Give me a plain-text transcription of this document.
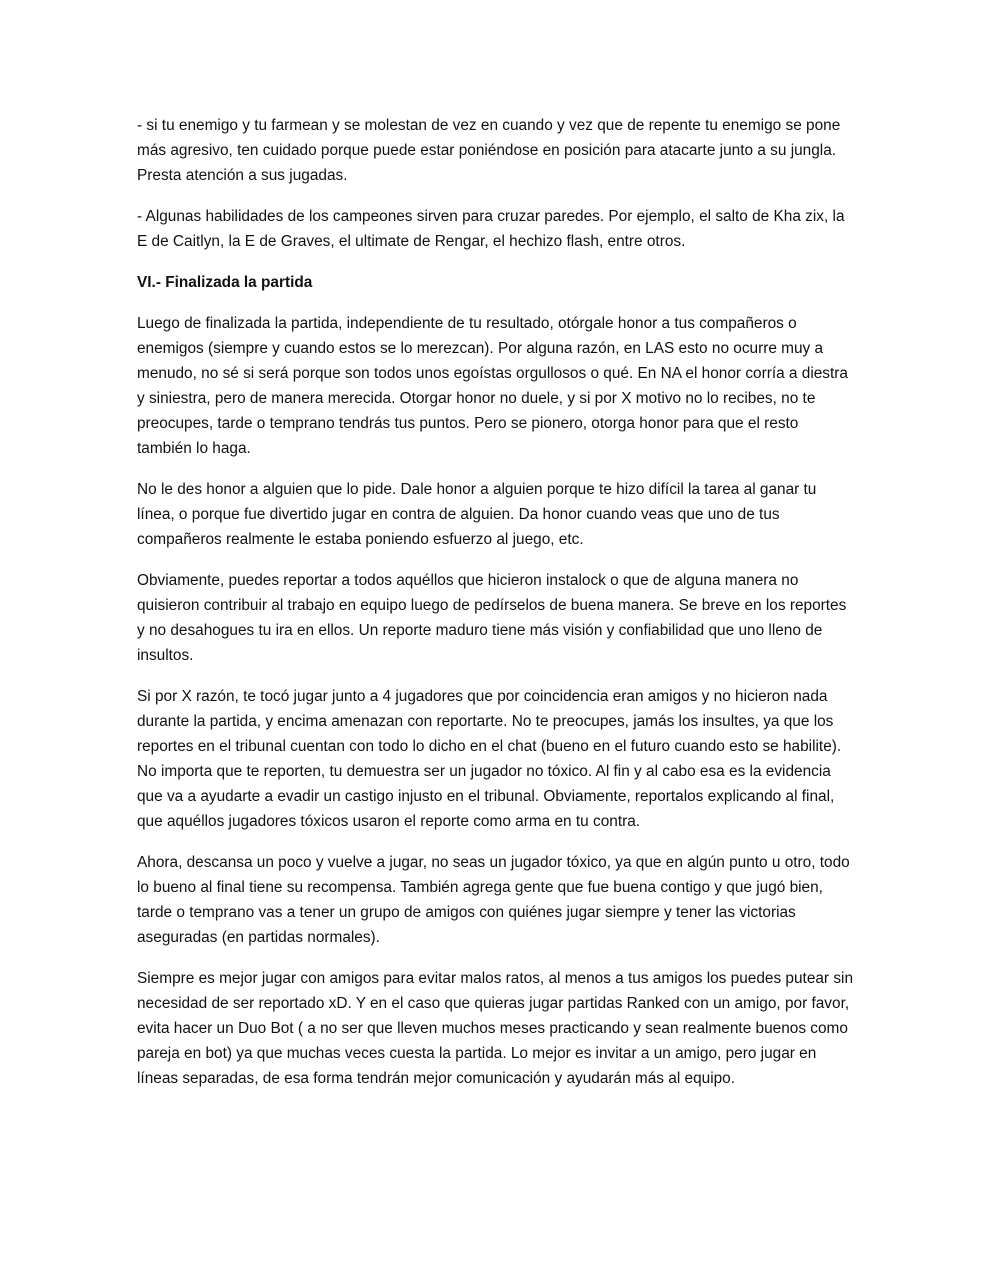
- si tu enemigo y tu farmean y se molestan de vez en cuando y vez que de repente tu enemigo se pone más agresivo, ten cuidado porque puede estar poniéndose en posición para atacarte junto a su jungla. Presta atención a sus jugadas.

- Algunas habilidades de los campeones sirven para cruzar paredes. Por ejemplo, el salto de Kha zix, la E de Caitlyn, la E de Graves, el ultimate de Rengar, el hechizo flash, entre otros.

VI.- Finalizada la partida

Luego de finalizada la partida, independiente de tu resultado, otórgale honor a tus compañeros o enemigos (siempre y cuando estos se lo merezcan). Por alguna razón, en LAS esto no ocurre muy a menudo, no sé si será porque son todos unos egoístas orgullosos o qué. En NA el honor corría a diestra y siniestra, pero de manera merecida. Otorgar honor no duele, y si por X motivo no lo recibes, no te preocupes, tarde o temprano tendrás tus puntos. Pero se pionero, otorga honor para que el resto también lo haga.

No le des honor a alguien que lo pide. Dale honor a alguien porque te hizo difícil la tarea al ganar tu línea, o porque fue divertido jugar en contra de alguien. Da honor cuando veas que uno de tus compañeros realmente le estaba poniendo esfuerzo al juego, etc.

Obviamente, puedes reportar a todos aquéllos que hicieron instalock o que de alguna manera no quisieron contribuir al trabajo en equipo luego de pedírselos de buena manera. Se breve en los reportes y no desahogues tu ira en ellos. Un reporte maduro tiene más visión y confiabilidad que uno lleno de insultos.

Si por X razón, te tocó jugar junto a 4 jugadores que por coincidencia eran amigos y no hicieron nada durante la partida, y encima amenazan con reportarte. No te preocupes, jamás los insultes, ya que los reportes en el tribunal cuentan con todo lo dicho en el chat (bueno en el futuro cuando esto se habilite). No importa que te reporten, tu demuestra ser un jugador no tóxico. Al fin y al cabo esa es la evidencia que va a ayudarte a evadir un castigo injusto en el tribunal. Obviamente, reportalos explicando al final, que aquéllos jugadores tóxicos usaron el reporte como arma en tu contra.

Ahora, descansa un poco y vuelve a jugar, no seas un jugador tóxico, ya que en algún punto u otro, todo lo bueno al final tiene su recompensa. También agrega gente que fue buena contigo y que jugó bien, tarde o temprano vas a tener un grupo de amigos con quiénes jugar siempre y tener las victorias aseguradas (en partidas normales).

Siempre es mejor jugar con amigos para evitar malos ratos, al menos a tus amigos los puedes putear sin necesidad de ser reportado xD. Y en el caso que quieras jugar partidas Ranked con un amigo, por favor, evita hacer un Duo Bot ( a no ser que lleven muchos meses practicando y sean realmente buenos como pareja en bot) ya que muchas veces cuesta la partida. Lo mejor es invitar a un amigo, pero jugar en líneas separadas, de esa forma tendrán mejor comunicación y ayudarán más al equipo.
